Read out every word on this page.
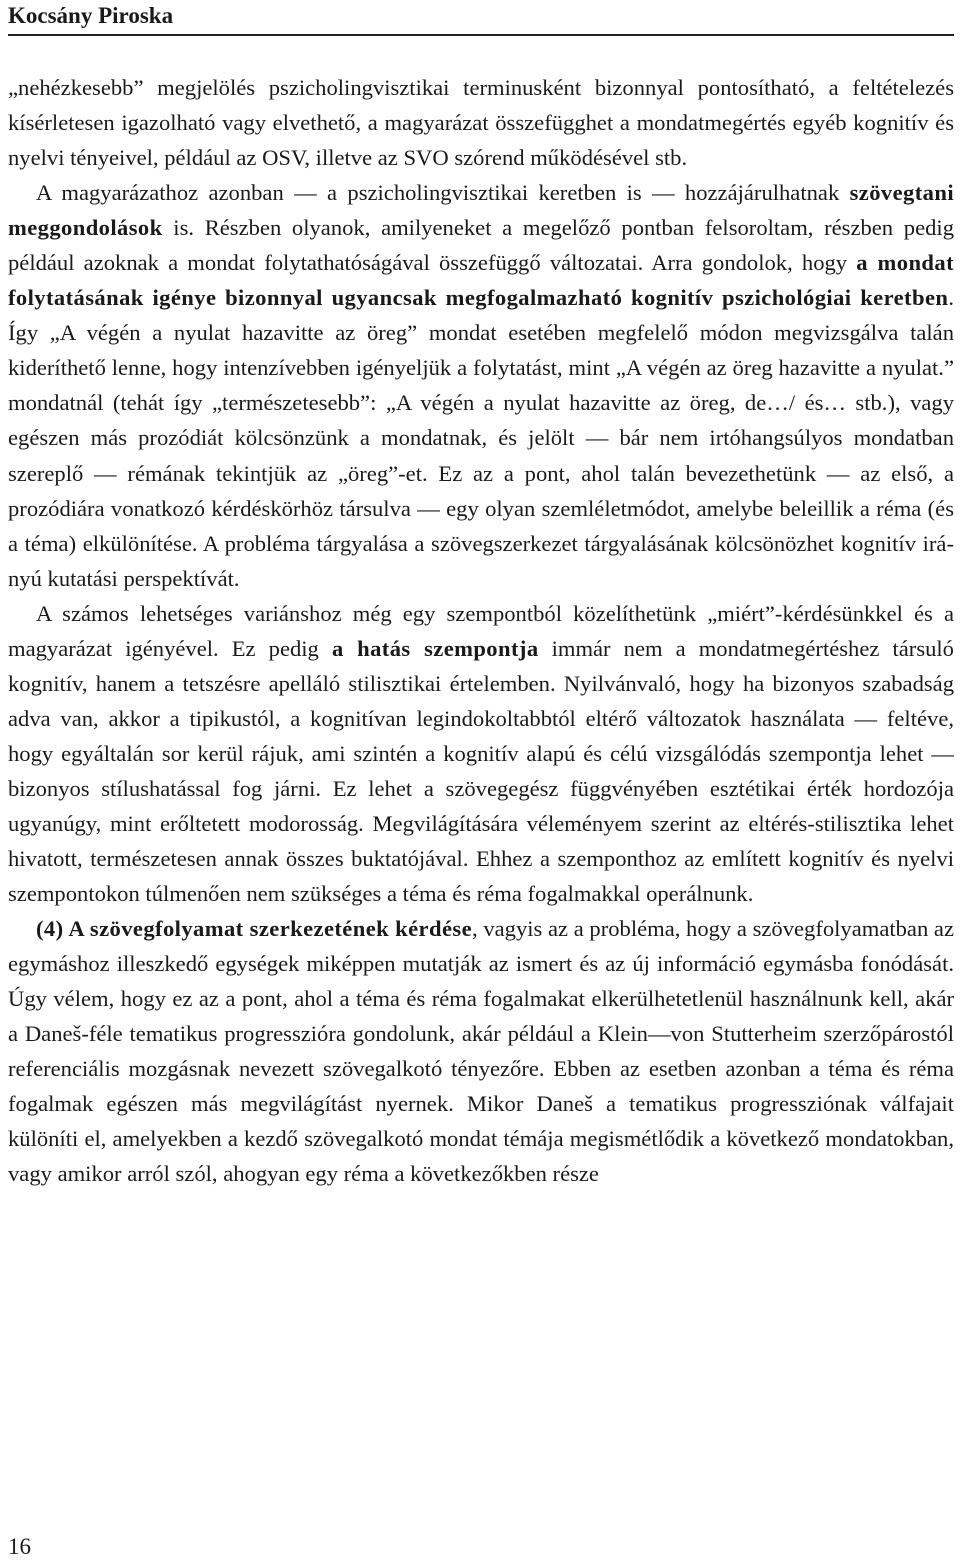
Kocsány Piroska

„nehézkesebb” megjelölés pszicholingvisztikai terminusként bizonnyal pontosítható, a feltételezés kísérletesen igazolható vagy elvethető, a magyarázat összefügghet a mondatmegértés egyéb kognitív és nyelvi tényeivel, például az OSV, illetve az SVO szórend működésével stb.

A magyarázathoz azonban — a pszicholingvisztikai keretben is — hozzájárulhatnak szövegtani meggondolások is. Részben olyanok, amilyeneket a megelőző pontban felsoroltam, részben pedig például azoknak a mondat folytathatóságával összefüggő változatai. Arra gondolok, hogy a mondat folytatásának igénye bizonnyal ugyancsak megfogalmazható kognitív pszichológiai keretben. Így „A végén a nyulat hazavitte az öreg” mondat esetében megfelelő módon megvizsgálva talán kideríthető lenne, hogy intenzívebben igényeljük a folytatást, mint „A végén az öreg hazavitte a nyulat.” mondatnál (tehát így „természetesebb”: „A végén a nyulat hazavitte az öreg, de…/ és… stb.), vagy egészen más prozódiát kölcsönzünk a mondatnak, és jelölt — bár nem irtóhangsúlyos mondatban szereplő — rémának tekintjük az „öreg”-et. Ez az a pont, ahol talán bevezethetünk — az első, a prozódiára vonatkozó kérdéskörhöz társulva — egy olyan szemléletmódot, amelybe beleillik a réma (és a téma) elkülönítése. A probléma tárgyalása a szövegszerkezet tárgyalásának kölcsönözhet kognitív irányú kutatási perspektívát.

A számos lehetséges variánshoz még egy szempontból közelíthetünk „miért”-kérdésünkkel és a magyarázat igényével. Ez pedig a hatás szempontja immár nem a mondatmegértéshez társuló kognitív, hanem a tetszésre apelláló stilisztikai értelemben. Nyilvánvaló, hogy ha bizonyos szabadság adva van, akkor a tipikustól, a kognitívan legindokoltabbtól eltérő változatok használata — feltéve, hogy egyáltalán sor kerül rájuk, ami szintén a kognitív alapú és célú vizsgálódás szempontja lehet — bizonyos stílushatással fog járni. Ez lehet a szövegegész függvényében esztétikai érték hordozója ugyanúgy, mint erőltetett modorosság. Megvilágítására véleményem szerint az eltérés-stilisztika lehet hivatott, természetesen annak összes buktatójával. Ehhez a szemponthoz az említett kognitív és nyelvi szempontokon túlmenően nem szükséges a téma és réma fogalmakkal operálnunk.

(4) A szövegfolyamat szerkezetének kérdése, vagyis az a probléma, hogy a szövegfolyamatban az egymáshoz illeszkedő egységek miképpen mutatják az ismert és az új információ egymásba fonódását. Úgy vélem, hogy ez az a pont, ahol a téma és réma fogalmakat elkerülhetetlenül használnunk kell, akár a Daneš-féle tematikus progresszióra gondolunk, akár például a Klein—von Stutterheim szerzőpárostól referenciális mozgásnak nevezett szövegalkotó tényezőre. Ebben az esetben azonban a téma és réma fogalmak egészen más megvilágítást nyernek. Mikor Daneš a tematikus progressziónak válfajait különíti el, amelyekben a kezdő szövegalkotó mondat témája megismétlődik a következő mondatokban, vagy amikor arról szól, ahogyan egy réma a következőkben része

16
